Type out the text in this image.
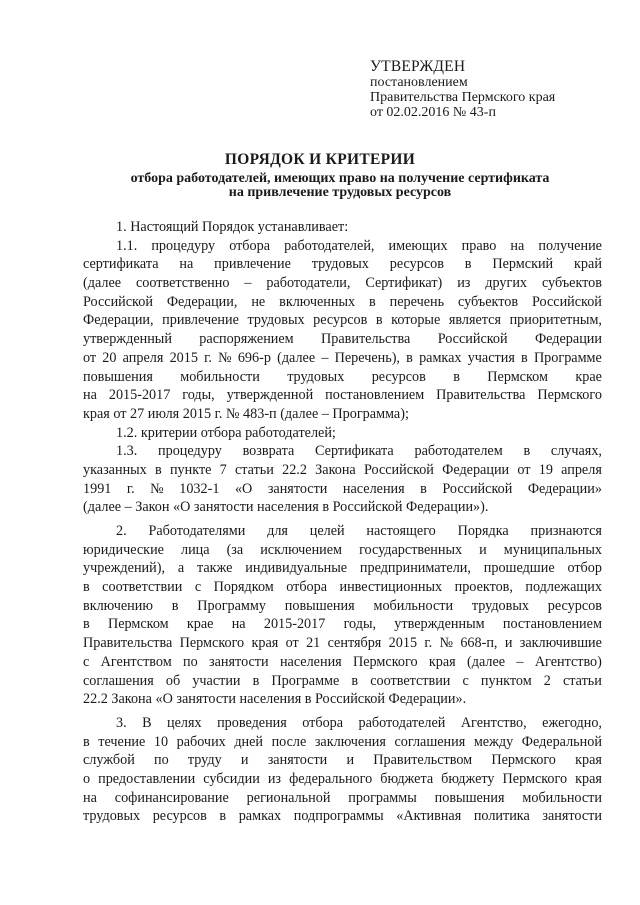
УТВЕРЖДЕН
постановлением
Правительства Пермского края
от 02.02.2016 № 43-п
ПОРЯДОК И КРИТЕРИИ
отбора работодателей, имеющих право на получение сертификата
на привлечение трудовых ресурсов
1. Настоящий Порядок устанавливает:
1.1. процедуру отбора работодателей, имеющих право на получение
сертификата на привлечение трудовых ресурсов в Пермский край
(далее соответственно – работодатели, Сертификат) из других субъектов
Российской Федерации, не включенных в перечень субъектов Российской
Федерации, привлечение трудовых ресурсов в которые является приоритетным,
утвержденный распоряжением Правительства Российской Федерации
от 20 апреля 2015 г. № 696-р (далее – Перечень), в рамках участия в Программе
повышения мобильности трудовых ресурсов в Пермском крае
на 2015-2017 годы, утвержденной постановлением Правительства Пермского
края от 27 июля 2015 г. № 483-п (далее – Программа);
1.2. критерии отбора работодателей;
1.3. процедуру возврата Сертификата работодателем в случаях,
указанных в пункте 7 статьи 22.2 Закона Российской Федерации от 19 апреля
1991 г. № 1032-1 «О занятости населения в Российской Федерации»
(далее – Закон «О занятости населения в Российской Федерации»).
2. Работодателями для целей настоящего Порядка признаются
юридические лица (за исключением государственных и муниципальных
учреждений), а также индивидуальные предприниматели, прошедшие отбор
в соответствии с Порядком отбора инвестиционных проектов, подлежащих
включению в Программу повышения мобильности трудовых ресурсов
в Пермском крае на 2015-2017 годы, утвержденным постановлением
Правительства Пермского края от 21 сентября 2015 г. № 668-п, и заключившие
с Агентством по занятости населения Пермского края (далее – Агентство)
соглашения об участии в Программе в соответствии с пунктом 2 статьи
22.2 Закона «О занятости населения в Российской Федерации».
3. В целях проведения отбора работодателей Агентство, ежегодно,
в течение 10 рабочих дней после заключения соглашения между Федеральной
службой по труду и занятости и Правительством Пермского края
о предоставлении субсидии из федерального бюджета бюджету Пермского края
на софинансирование региональной программы повышения мобильности
трудовых ресурсов в рамках подпрограммы «Активная политика занятости
